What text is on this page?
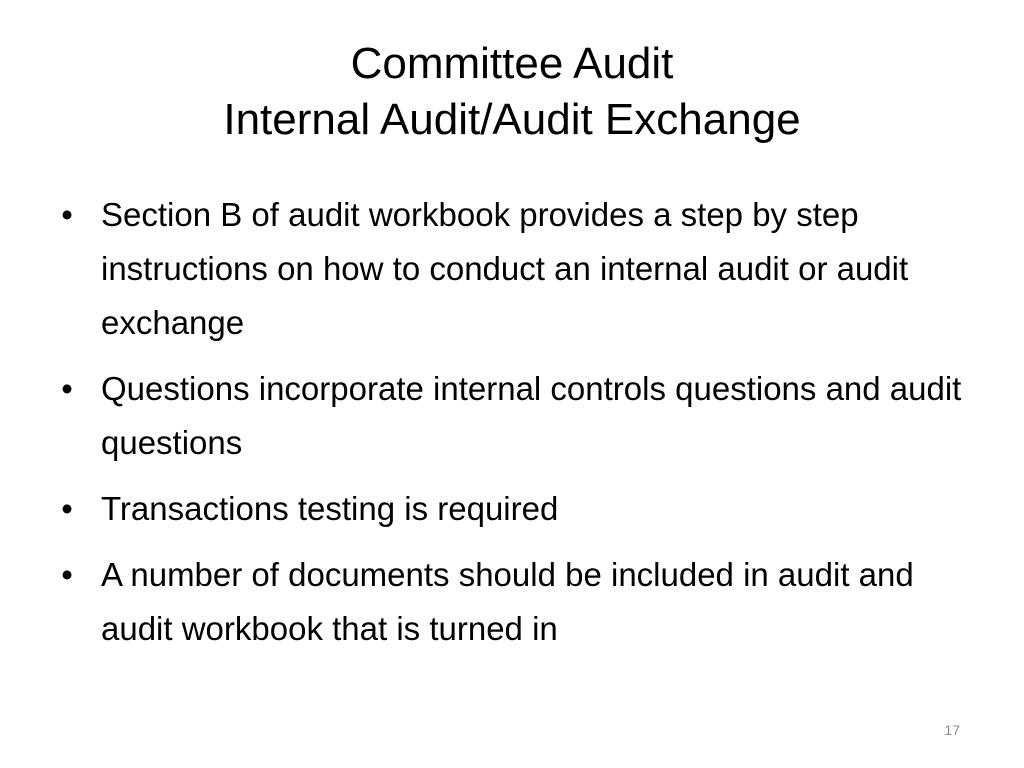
Committee Audit
Internal Audit/Audit Exchange
• Section B of audit workbook provides a step by step instructions on how to conduct an internal audit or audit exchange
• Questions incorporate internal controls questions and audit questions
• Transactions testing is required
• A number of documents should be included in audit and audit workbook that is turned in
17
